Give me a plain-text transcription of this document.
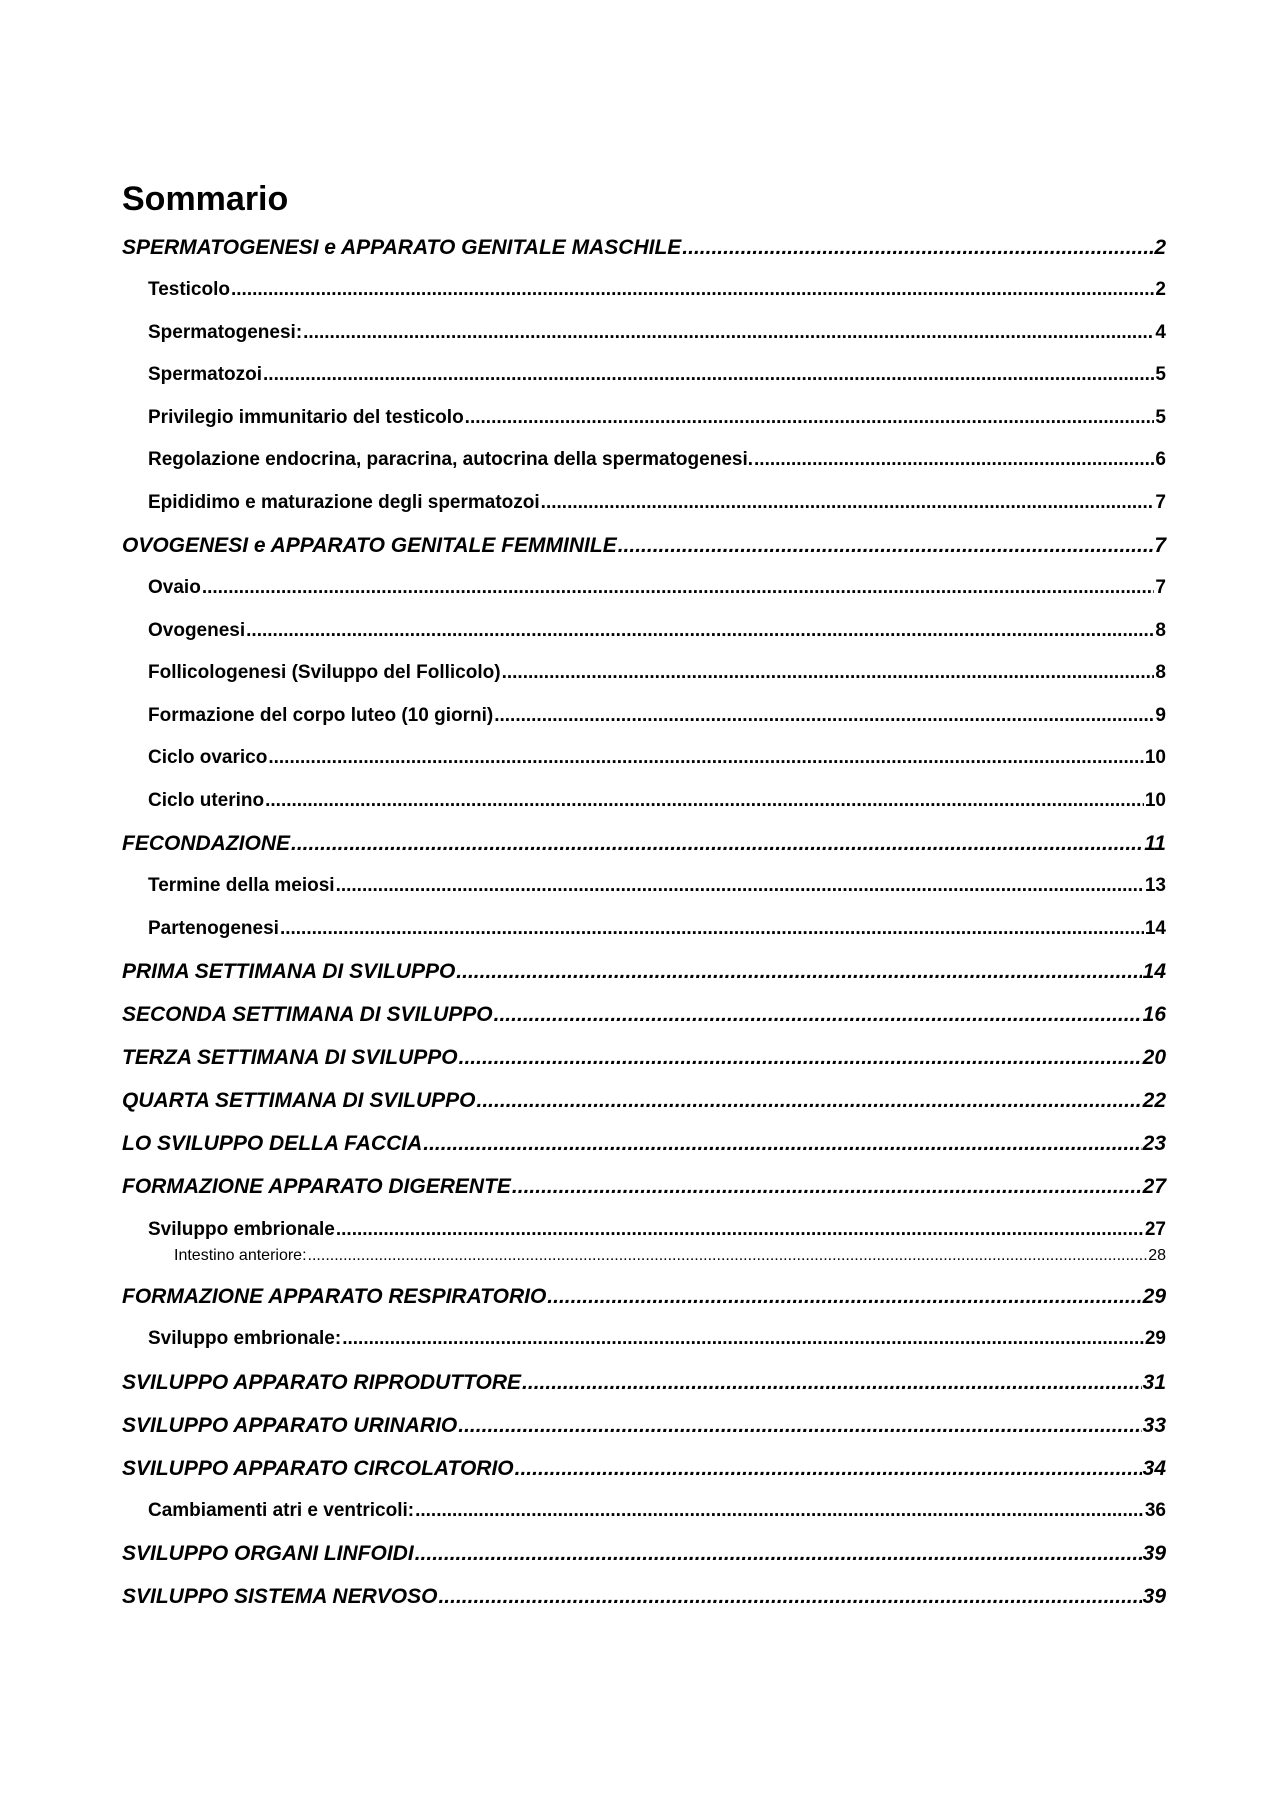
Sommario
SPERMATOGENESI e APPARATO GENITALE MASCHILE .....	2
Testicolo .....	2
Spermatogenesi: .....	4
Spermatozoi .....	5
Privilegio immunitario del testicolo .....	5
Regolazione endocrina, paracrina, autocrina della spermatogenesi. .....	6
Epididimo e maturazione degli spermatozoi .....	7
OVOGENESI e APPARATO GENITALE FEMMINILE .....	7
Ovaio .....	7
Ovogenesi .....	8
Follicologenesi (Sviluppo del Follicolo) .....	8
Formazione del corpo luteo (10 giorni) .....	9
Ciclo ovarico .....	10
Ciclo uterino .....	10
FECONDAZIONE .....	11
Termine della meiosi .....	13
Partenogenesi .....	14
PRIMA SETTIMANA DI SVILUPPO .....	14
SECONDA SETTIMANA DI SVILUPPO .....	16
TERZA SETTIMANA DI SVILUPPO .....	20
QUARTA SETTIMANA DI SVILUPPO .....	22
LO SVILUPPO DELLA FACCIA .....	23
FORMAZIONE APPARATO DIGERENTE .....	27
Sviluppo embrionale .....	27
Intestino anteriore: .....	28
FORMAZIONE APPARATO RESPIRATORIO .....	29
Sviluppo embrionale: .....	29
SVILUPPO APPARATO RIPRODUTTORE .....	31
SVILUPPO APPARATO URINARIO .....	33
SVILUPPO APPARATO CIRCOLATORIO .....	34
Cambiamenti atri e ventricoli: .....	36
SVILUPPO ORGANI LINFOIDI .....	39
SVILUPPO SISTEMA NERVOSO .....	39
